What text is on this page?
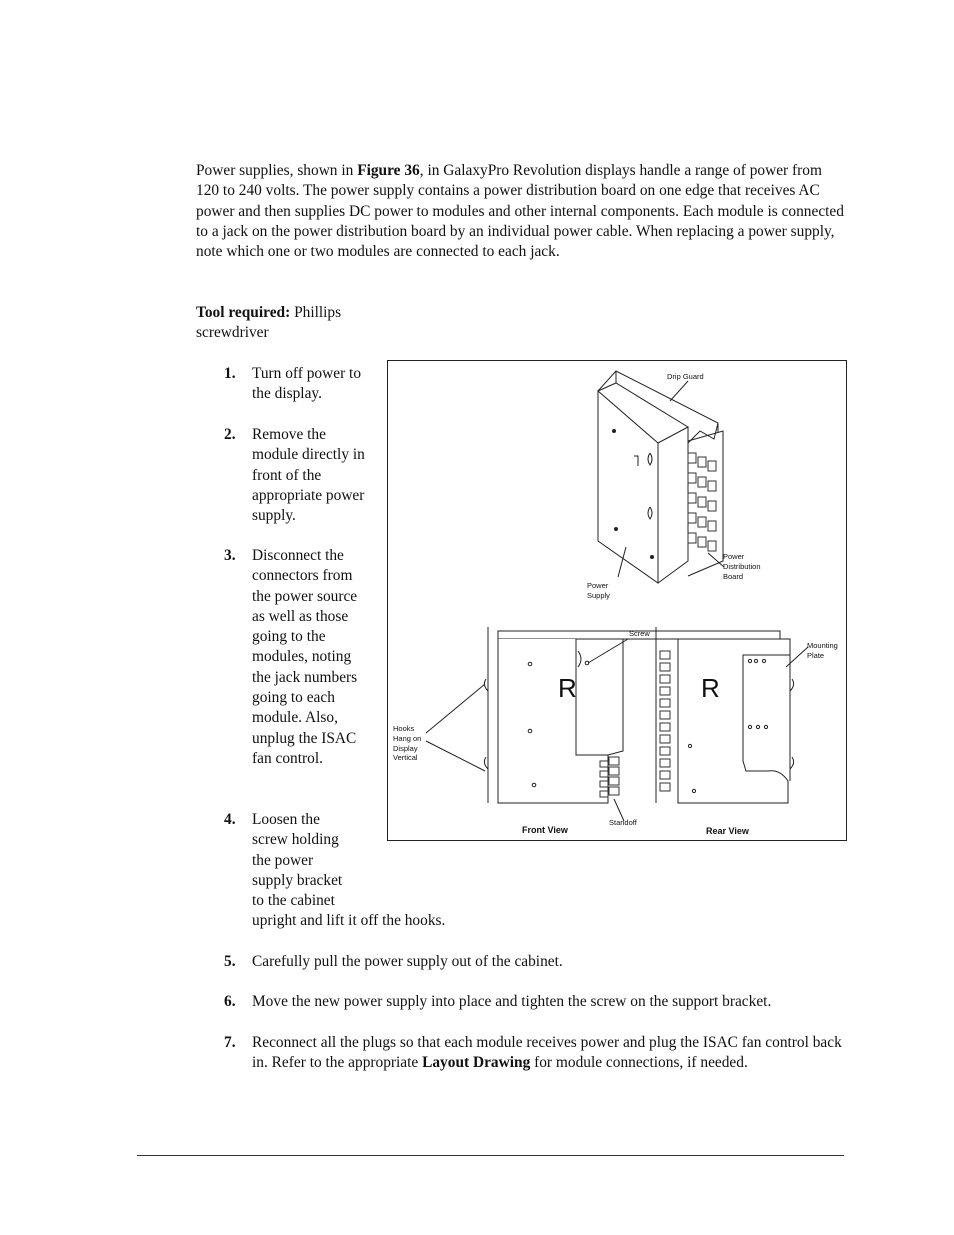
Power supplies, shown in Figure 36, in GalaxyPro Revolution displays handle a range of power from 120 to 240 volts. The power supply contains a power distribution board on one edge that receives AC power and then supplies DC power to modules and other internal components. Each module is connected to a jack on the power distribution board by an individual power cable. When replacing a power supply, note which one or two modules are connected to each jack.
Tool required: Phillips screwdriver
1. Turn off power to the display.
2. Remove the module directly in front of the appropriate power supply.
3. Disconnect the connectors from the power source as well as those going to the modules, noting the jack numbers going to each module. Also, unplug the ISAC fan control.
4. Loosen the
screw holding
the power
supply bracket
to the cabinet
upright and lift it off the hooks.
5. Carefully pull the power supply out of the cabinet.
6. Move the new power supply into place and tighten the screw on the support bracket.
7. Reconnect all the plugs so that each module receives power and plug the ISAC fan control back in. Refer to the appropriate Layout Drawing for module connections, if needed.
R	R
Drip Guard
Power
Distribution
Board
Power
Supply
Screw
Mounting
Plate
Hooks
Hang on
Display
Vertical
Standoff
Front View	Rear View
